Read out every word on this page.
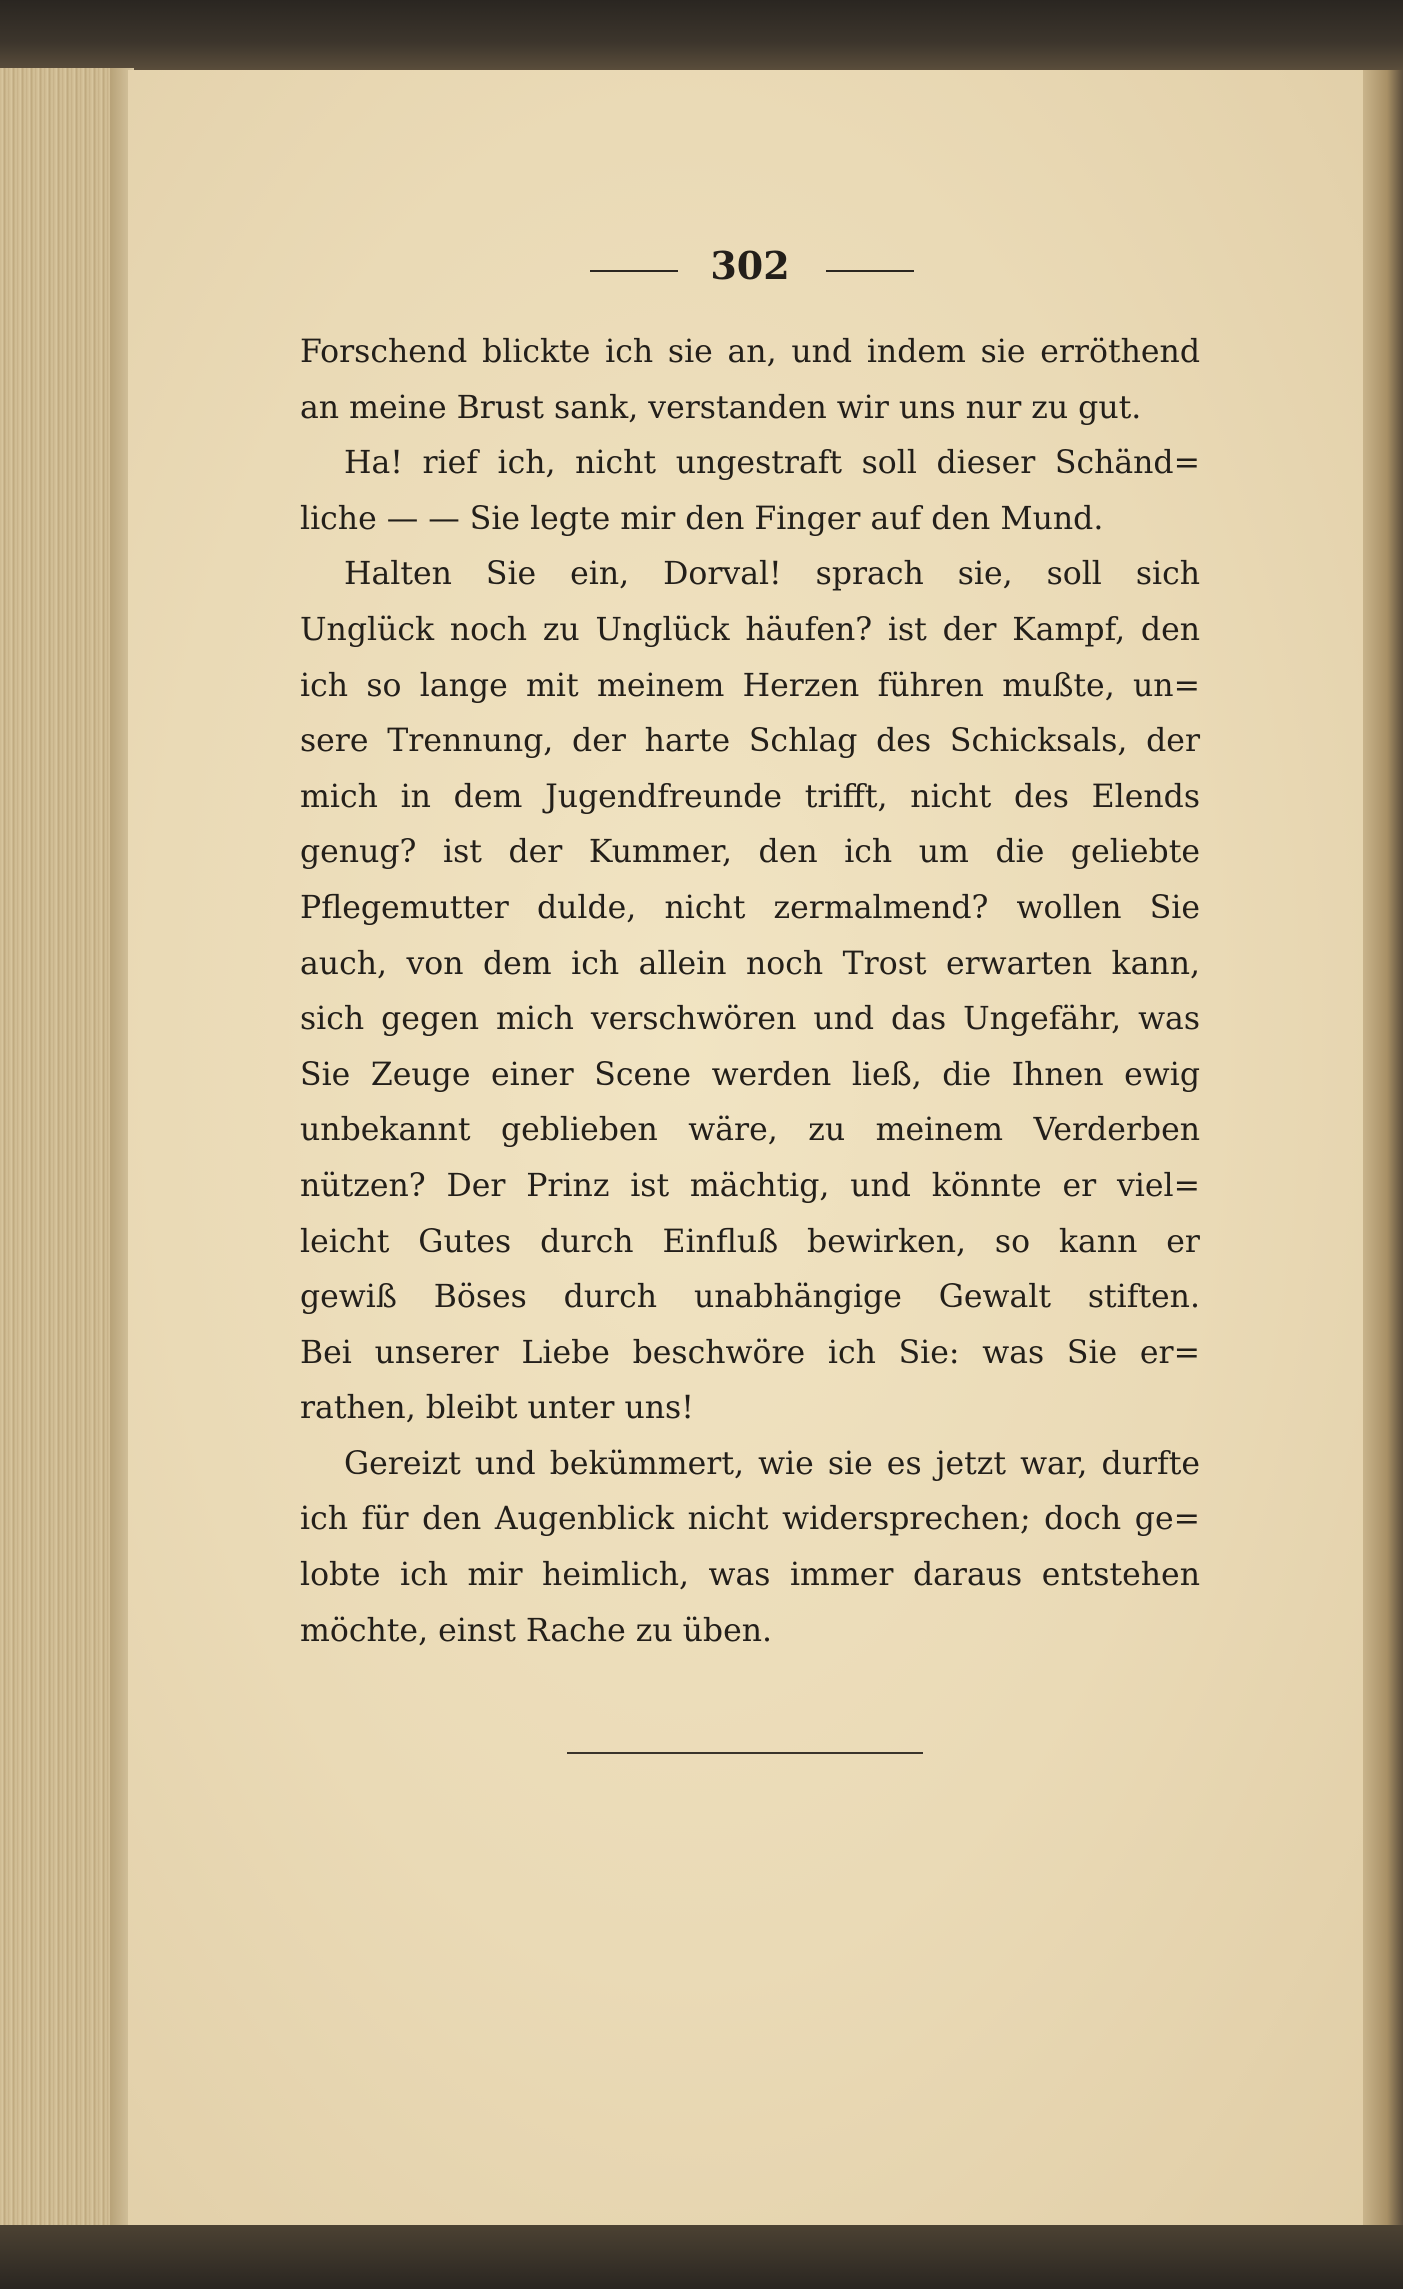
302
Forschend blickte ich sie an, und indem sie erröthend
an meine Brust sank, verstanden wir uns nur zu gut.
Ha! rief ich, nicht ungestraft soll dieser Schänd=
liche — — Sie legte mir den Finger auf den Mund.
Halten Sie ein, Dorval! sprach sie, soll sich
Unglück noch zu Unglück häufen? ist der Kampf, den
ich so lange mit meinem Herzen führen mußte, un=
sere Trennung, der harte Schlag des Schicksals, der
mich in dem Jugendfreunde trifft, nicht des Elends
genug? ist der Kummer, den ich um die geliebte
Pflegemutter dulde, nicht zermalmend? wollen Sie
auch, von dem ich allein noch Trost erwarten kann,
sich gegen mich verschwören und das Ungefähr, was
Sie Zeuge einer Scene werden ließ, die Ihnen ewig
unbekannt geblieben wäre, zu meinem Verderben
nützen? Der Prinz ist mächtig, und könnte er viel=
leicht Gutes durch Einfluß bewirken, so kann er
gewiß Böses durch unabhängige Gewalt stiften.
Bei unserer Liebe beschwöre ich Sie: was Sie er=
rathen, bleibt unter uns!
Gereizt und bekümmert, wie sie es jetzt war, durfte
ich für den Augenblick nicht widersprechen; doch ge=
lobte ich mir heimlich, was immer daraus entstehen
möchte, einst Rache zu üben.
